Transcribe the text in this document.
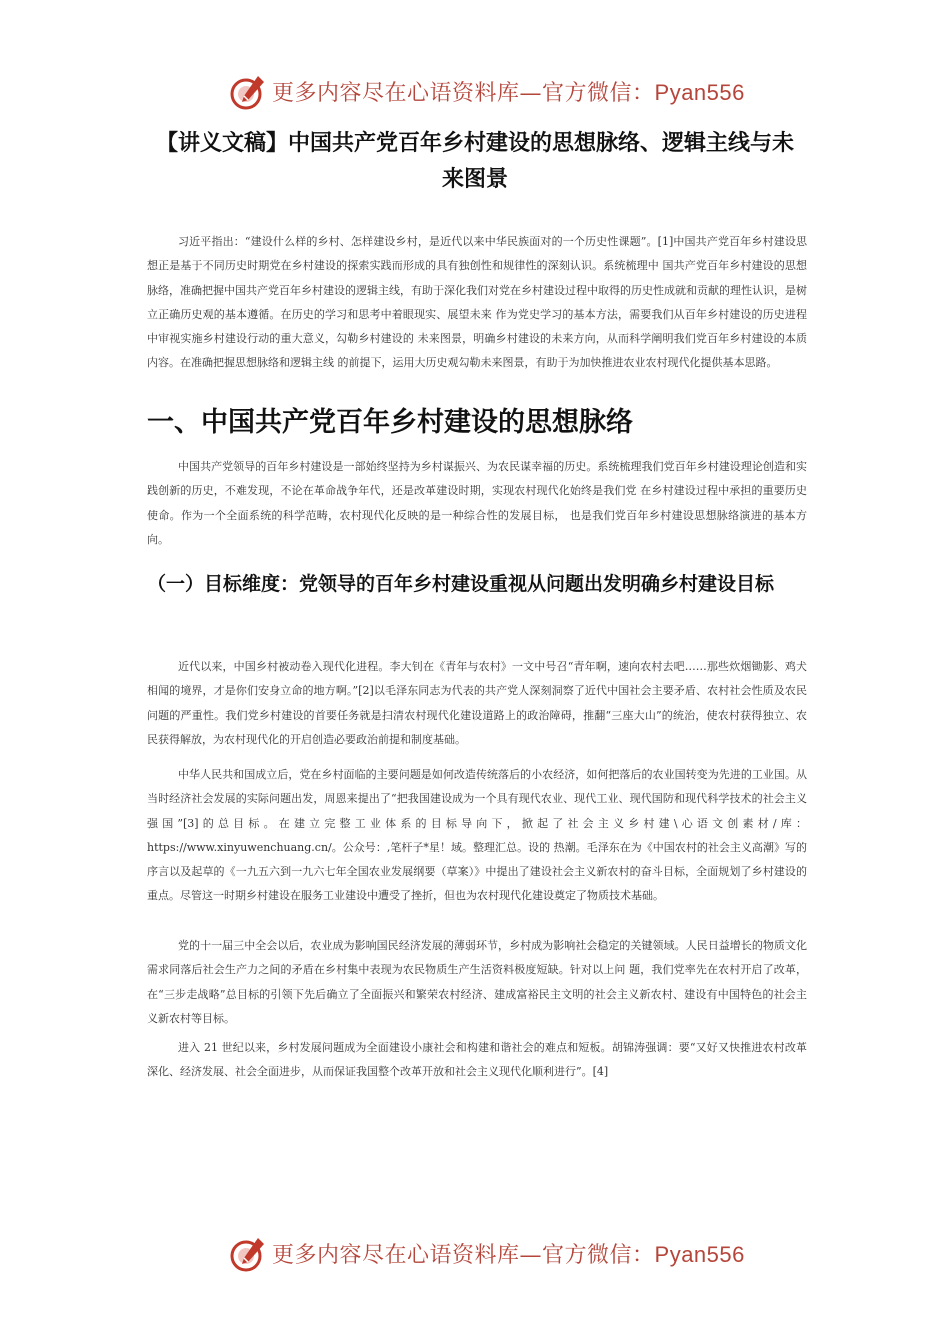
更多内容尽在心语资料库—官方微信：Pyan556
【讲义文稿】中国共产党百年乡村建设的思想脉络、逻辑主线与未来图景

习近平指出：“建设什么样的乡村、怎样建设乡村，是近代以来中华民族面对的一个历史性课题”。[1]中国共产党百年乡村建设思想正是基于不同历史时期党在乡村建设的探索实践而形成的具有独创性和规律性的深刻认识。系统梳理中 国共产党百年乡村建设的思想脉络，准确把握中国共产党百年乡村建设的逻辑主线，有助于深化我们对党在乡村建设过程中取得的历史性成就和贡献的理性认识，是树立正确历史观的基本遵循。在历史的学习和思考中着眼现实、展望未来 作为党史学习的基本方法，需要我们从百年乡村建设的历史进程中审视实施乡村建设行动的重大意义，勾勒乡村建设的 未来图景，明确乡村建设的未来方向，从而科学阐明我们党百年乡村建设的本质内容。在准确把握思想脉络和逻辑主线 的前提下，运用大历史观勾勒未来图景，有助于为加快推进农业农村现代化提供基本思路。

一、中国共产党百年乡村建设的思想脉络

中国共产党领导的百年乡村建设是一部始终坚持为乡村谋振兴、为农民谋幸福的历史。系统梳理我们党百年乡村建设理论创造和实践创新的历史，不难发现，不论在革命战争年代，还是改革建设时期，实现农村现代化始终是我们党 在乡村建设过程中承担的重要历史使命。作为一个全面系统的科学范畴，农村现代化反映的是一种综合性的发展目标， 也是我们党百年乡村建设思想脉络演进的基本方向。

（一）目标维度：党领导的百年乡村建设重视从问题出发明确乡村建设目标

近代以来，中国乡村被动卷入现代化进程。李大钊在《青年与农村》一文中号召“青年啊，速向农村去吧……那些炊烟锄影、鸡犬相闻的境界，才是你们安身立命的地方啊。”[2]以毛泽东同志为代表的共产党人深刻洞察了近代中国社会主要矛盾、农村社会性质及农民问题的严重性。我们党乡村建设的首要任务就是扫清农村现代化建设道路上的政治障碍，推翻“三座大山”的统治，使农村获得独立、农民获得解放，为农村现代化的开启创造必要政治前提和制度基础。

中华人民共和国成立后，党在乡村面临的主要问题是如何改造传统落后的小农经济，如何把落后的农业国转变为先进的工业国。从当时经济社会发展的实际问题出发，周恩来提出了“把我国建设成为一个具有现代农业、现代工业、现代国防和现代科学技术的社会主义强国”[3]的总目标。在建立完整工业体系的目标导向下，掀起了社会主义乡村建\心语文创素材/库：https://www.xinyuwenchuang.cn/。公众号：,笔杆子*星！域。整理汇总。设的 热潮。毛泽东在为《中国农村的社会主义高潮》写的序言以及起草的《一九五六到一九六七年全国农业发展纲要（草案）》中提出了建设社会主义新农村的奋斗目标，全面规划了乡村建设的重点。尽管这一时期乡村建设在服务工业建设中遭受了挫折，但也为农村现代化建设奠定了物质技术基础。

党的十一届三中全会以后，农业成为影响国民经济发展的薄弱环节，乡村成为影响社会稳定的关键领域。人民日益增长的物质文化需求同落后社会生产力之间的矛盾在乡村集中表现为农民物质生产生活资料极度短缺。针对以上问 题，我们党率先在农村开启了改革，在“三步走战略”总目标的引领下先后确立了全面振兴和繁荣农村经济、建成富裕民主文明的社会主义新农村、建设有中国特色的社会主义新农村等目标。

进入 21 世纪以来，乡村发展问题成为全面建设小康社会和构建和谐社会的难点和短板。胡锦涛强调：要“又好又快推进农村改革深化、经济发展、社会全面进步，从而保证我国整个改革开放和社会主义现代化顺利进行”。[4]

更多内容尽在心语资料库—官方微信：Pyan556
